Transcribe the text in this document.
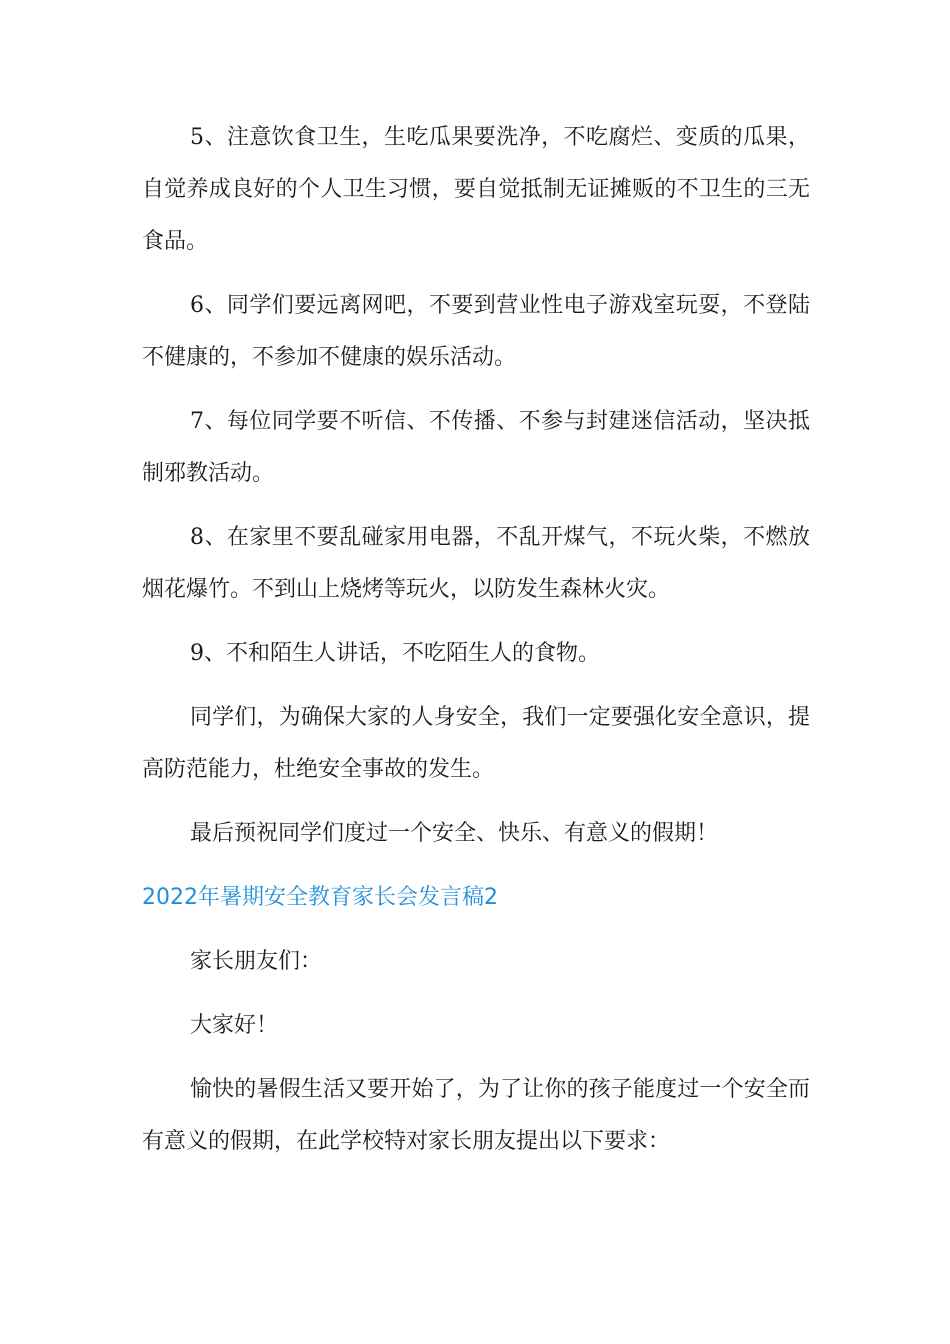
5、注意饮食卫生，生吃瓜果要洗净，不吃腐烂、变质的瓜果，自觉养成良好的个人卫生习惯，要自觉抵制无证摊贩的不卫生的三无食品。

6、同学们要远离网吧，不要到营业性电子游戏室玩耍，不登陆不健康的，不参加不健康的娱乐活动。

7、每位同学要不听信、不传播、不参与封建迷信活动，坚决抵制邪教活动。

8、在家里不要乱碰家用电器，不乱开煤气，不玩火柴，不燃放烟花爆竹。不到山上烧烤等玩火，以防发生森林火灾。

9、不和陌生人讲话，不吃陌生人的食物。

同学们，为确保大家的人身安全，我们一定要强化安全意识，提高防范能力，杜绝安全事故的发生。

最后预祝同学们度过一个安全、快乐、有意义的假期！

2022年暑期安全教育家长会发言稿2

家长朋友们：

大家好！

愉快的暑假生活又要开始了，为了让你的孩子能度过一个安全而有意义的假期，在此学校特对家长朋友提出以下要求：
